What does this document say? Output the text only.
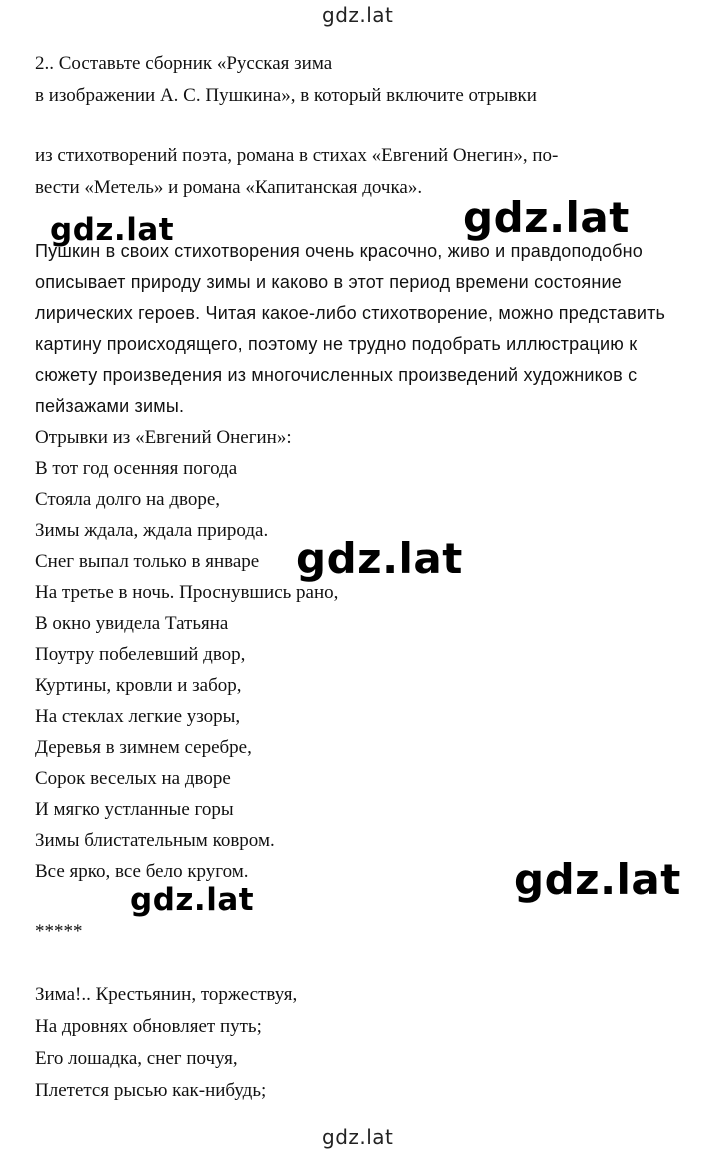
gdz.lat
2.. Составьте сборник «Русская зима
в изображении А. С. Пушкина», в который включите отрывки
из стихотворений поэта, романа в стихах «Евгений Онегин», по-
вести «Метель» и романа «Капитанская дочка».
Пушкин в своих стихотворения очень красочно, живо и правдоподобно
описывает природу зимы и каково в этот период времени состояние
лирических героев. Читая какое-либо стихотворение, можно представить
картину происходящего, поэтому не трудно подобрать иллюстрацию к
сюжету произведения из многочисленных произведений художников с
пейзажами зимы.
Отрывки из «Евгений Онегин»:
В тот год осенняя погода
Стояла долго на дворе,
Зимы ждала, ждала природа.
Снег выпал только в январе
На третье в ночь. Проснувшись рано,
В окно увидела Татьяна
Поутру побелевший двор,
Куртины, кровли и забор,
На стеклах легкие узоры,
Деревья в зимнем серебре,
Сорок веселых на дворе
И мягко устланные горы
Зимы блистательным ковром.
Все ярко, все бело кругом.
*****
Зима!.. Крестьянин, торжествуя,
На дровнях обновляет путь;
Его лошадка, снег почуя,
Плетется рысью как-нибудь;
gdz.lat	gdz.lat
gdz.lat
gdz.lat
gdz.lat
gdz.lat
